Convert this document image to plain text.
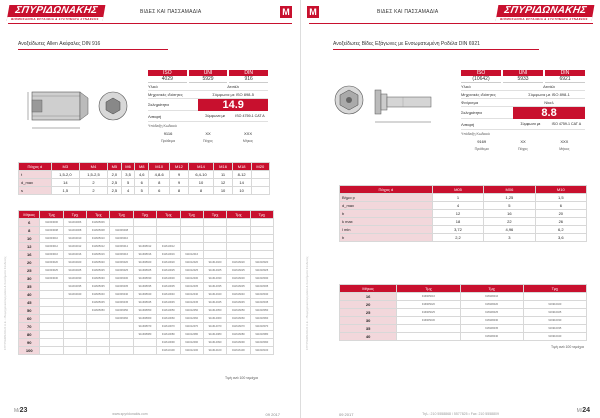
ΣΠΥΡΙΔΩΝΑΚΗΣ
ΒΙΟΜΗΧΑΝΙΚΑ ΕΡΓΑΛΕΙΑ & ΣΥΣΤΗΜΑΤΑ ΣΥΝΔΕΣΗΣ
ΒΙΔΕΣ ΚΑΙ ΠΑΣΣΑΜΑΔΙΑ	M
Ανοξείδωτες Allen Ακέφαλες DIN 916
ISO	UNI	DIN
4029	5929	916
Υλικό	Ατσάλι
Μηχανικές ιδιότητες	Σύμφωνα με ISO 898-5
Σκληρότητα	14.9
Λιπαρή	Σύμφωνα με	ISO 4759-1 CAT A
Υπόδειξη Κωδικού
9116	XX	XXX
Πρόθεμα	Πάχος	Μήκος
Πάχος d	M3	M4	M5	M6	M8	M10	M12	M14	M16	M18	M20
t	1,5-2,0	1,5-2,5	2,0	3,5	4,6	4,8-6	9	6,4-10	11	8-12	
d_max	14	2	2,5	5	6	8	9	10	12	14	
s	1,5	2	2,5	4	5	6	8	8	10	10	
Μήκος	Τμχ	Τμχ	Τμχ	Τμχ	Τμχ	Τμχ	Τμχ	Τμχ	Τμχ	Τμχ
6	911603006	911604006	911605006							
8	911603008	911604008	911605008	911606008						
10	911603010	911604010	911605010	911606010						
12	911603012	911604012	911605012	911606012	911608012	911610012				
16	911603016	911604016	911605016	911606016	911608016	911610016	911612016			
20	911603020	911604020	911605020	911606020	911608020	911610020	911612020	911614020	911616020	911618020
25	911603025	911604025	911605025	911606025	911608025	911610025	911612025	911614025	911616025	911618025
30	911603030	911604030	911605030	911606030	911608030	911610030	911612030	911614030	911616030	911618030
35		911604035	911605035	911606035	911608035	911610035	911612035	911614035	911616035	911618035
40		911604040	911605040	911606040	911608040	911610040	911612040	911614040	911616040	911618040
45			911605045	911606045	911608045	911610045	911612045	911614045	911616045	911618045
50			911605050	911606050	911608050	911610050	911612050	911614050	911616050	911618050
60				911606060	911608060	911610060	911612060	911614060	911616060	911618060
70					911608070	911610070	911612070	911614070	911616070	911618070
80					911608080	911610080	911612080	911614080	911616080	911618080
90						911610090	911612090	911614090	911616090	911618090
100						911610100	911612100	911614100	911616100	911618100
Τιμή ανά 100 τεμάχια
ΣΠΥΡΙΔΩΝΑΚΗΣ Α.Ε. • Βιομηχανικά Εργαλεία & Συστήματα Σύνδεσης
Μ/23	www.spyridonakis.com	09 2017
M	ΒΙΔΕΣ ΚΑΙ ΠΑΣΣΑΜΑΔΙΑ	ΣΠΥΡΙΔΩΝΑΚΗΣ
ΒΙΟΜΗΧΑΝΙΚΑ ΕΡΓΑΛΕΙΑ & ΣΥΣΤΗΜΑΤΑ ΣΥΝΔΕΣΗΣ
Ανοξείδωτες Βίδες Εξάγωνες με Ενσωματωμένη Ροδέλα DIN 6921
ISO	UNI	DIN
(10642)	5933	6921
Υλικό	Ατσάλι
Μηχανικές ιδιότητες	Σύμφωνα με ISO 898-1
Φινίρισμα	Νίκελ
Σκληρότητα	8.8
Λιπαρή	Σύμφωνα με	ISO 4759-1 CAT A
Υπόδειξη Κωδικού
9169	XX	XXX
Πρόθεμα	Πάχος	Μήκος
Πάχος d	M05	M06	M10
Βήμα p	1	1,25	1,5
d_max	4	5	6
b	12	16	20
k max	18	22	26
l min	3,72	4,96	6,2
b	2,2	3	3,6
Μήκος	Τμχ	Τμχ	Τμχ
16	916905016	916906016	
20	916905020	916906020	916910020
25	916905025	916906025	916910025
30	916905030	916906030	916910030
35		916906035	916910035
40		916906040	916910040
Τιμή ανά 100 τεμάχια
ΣΠΥΡΙΔΩΝΑΚΗΣ Α.Ε. • Βιομηχανικά Εργαλεία & Συστήματα Σύνδεσης
09 2017	Τηλ.: 210 5558868 / 5577825 • Fax: 210 5558809	Μ/24
